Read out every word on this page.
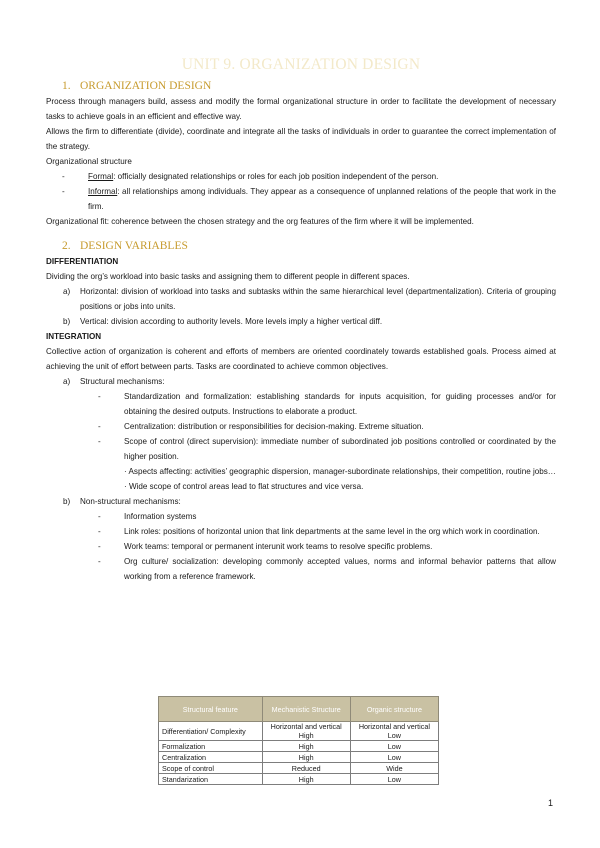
UNIT 9. ORGANIZATION DESIGN
1. ORGANIZATION DESIGN

Process through managers build, assess and modify the formal organizational structure in order to facilitate the development of necessary tasks to achieve goals in an efficient and effective way.

Allows the firm to differentiate (divide), coordinate and integrate all the tasks of individuals in order to guarantee the correct implementation of the strategy.

Organizational structure

-	Formal: officially designated relationships or roles for each job position independent of the person.
-	Informal: all relationships among individuals. They appear as a consequence of unplanned relations of the people that work in the firm.

Organizational fit: coherence between the chosen strategy and the org features of the firm where it will be implemented.

2. DESIGN VARIABLES

DIFFERENTIATION

Dividing the org’s workload into basic tasks and assigning them to different people in different spaces.

a)	Horizontal: division of workload into tasks and subtasks within the same hierarchical level (departmentalization). Criteria of grouping positions or jobs into units.
b)	Vertical: division according to authority levels. More levels imply a higher vertical diff.

INTEGRATION

Collective action of organization is coherent and efforts of members are oriented coordinately towards established goals. Process aimed at achieving the unit of effort between parts. Tasks are coordinated to achieve common objectives.

a)	Structural mechanisms:
-	Standardization and formalization: establishing standards for inputs acquisition, for guiding processes and/or for obtaining the desired outputs. Instructions to elaborate a product.
-	Centralization: distribution or responsibilities for decision-making. Extreme situation.
-	Scope of control (direct supervision): immediate number of subordinated job positions controlled or coordinated by the higher position.

· Aspects affecting: activities’ geographic dispersion, manager-subordinate relationships, their competition, routine jobs…

· Wide scope of control areas lead to flat structures and vice versa.

b)	Non-structural mechanisms:
-	Information systems
-	Link roles: positions of horizontal union that link departments at the same level in the org which work in coordination.
-	Work teams: temporal or permanent interunit work teams to resolve specific problems.
-	Org culture/ socialization: developing commonly accepted values, norms and informal behavior patterns that allow working from a reference framework.
Structural feature	Mechanistic Structure	Organic structure
Differentiation/ Complexity	Horizontal and vertical High	Horizontal and vertical Low
Formalization	High	Low
Centralization	High	Low
Scope of control	Reduced	Wide
Standarization	High	Low
1
